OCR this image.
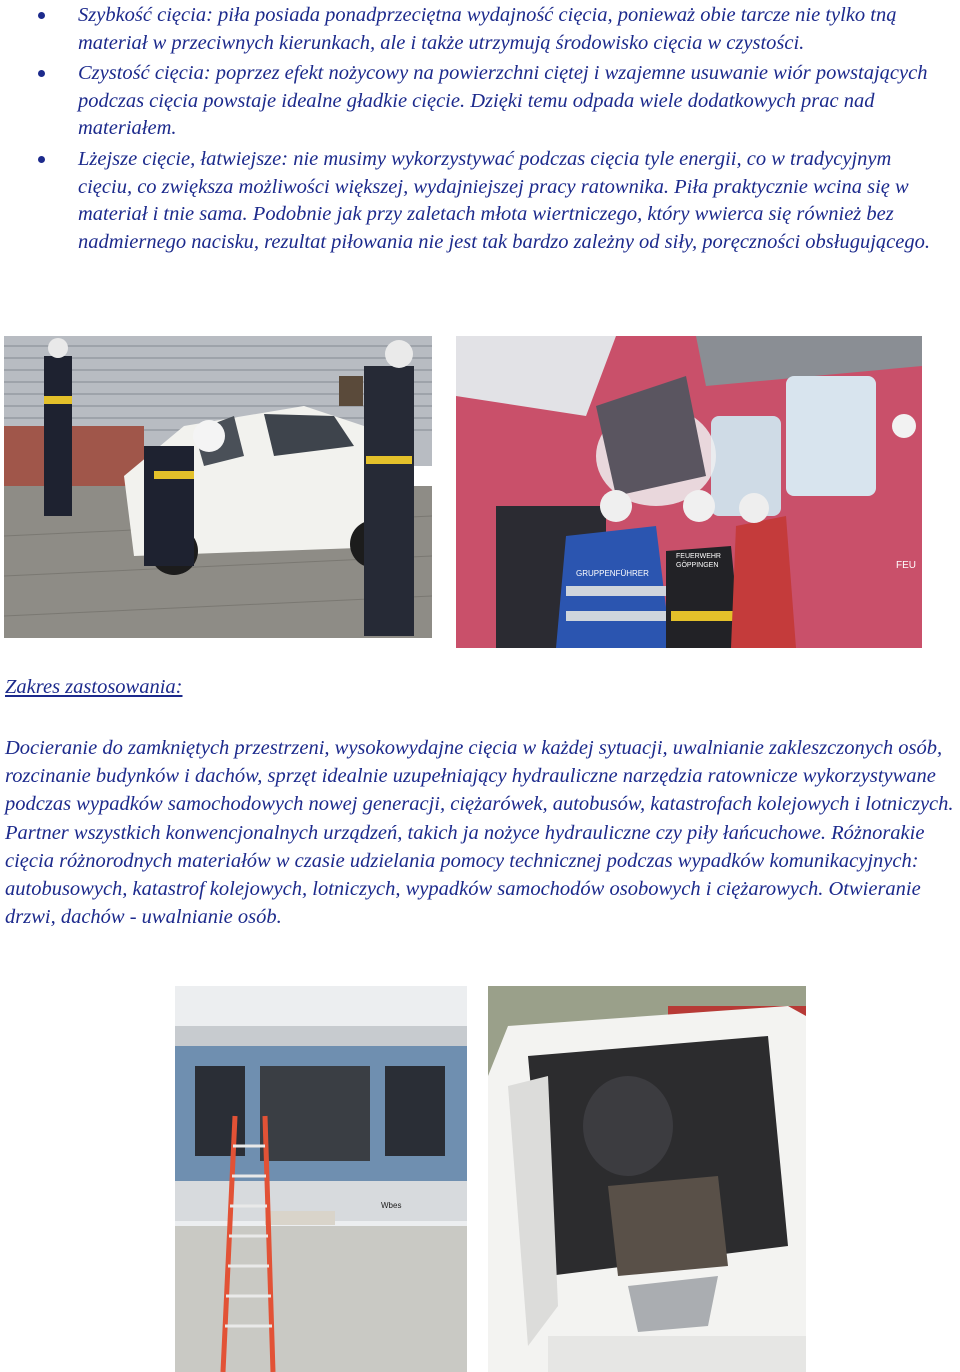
Szybkość cięcia: piła posiada ponadprzeciętna wydajność cięcia, ponieważ obie tarcze nie tylko tną materiał w przeciwnych kierunkach, ale i także utrzymują środowisko cięcia w czystości.
Czystość cięcia: poprzez efekt nożycowy na powierzchni ciętej i wzajemne usuwanie wiór powstających podczas cięcia powstaje idealne gładkie cięcie. Dzięki temu odpada wiele dodatkowych prac nad materiałem.
Lżejsze cięcie, łatwiejsze: nie musimy wykorzystywać podczas cięcia tyle energii, co w tradycyjnym cięciu, co zwiększa możliwości większej, wydajniejszej pracy ratownika. Piła praktycznie wcina się w materiał i tnie sama. Podobnie jak przy zaletach młota wiertniczego, który wwierca się również bez nadmiernego nacisku, rezultat piłowania nie jest tak bardzo zależny od siły, poręczności obsługującego.
GRUPPENFÜHRER
FEUERWEHR
GÖPPINGEN	FEU
Zakres zastosowania:

Docieranie do zamkniętych przestrzeni, wysokowydajne cięcia w każdej sytuacji, uwalnianie zakleszczonych osób, rozcinanie budynków i dachów, sprzęt idealnie uzupełniający hydrauliczne narzędzia ratownicze wykorzystywane podczas wypadków samochodowych nowej generacji, ciężarówek, autobusów, katastrofach kolejowych i lotniczych. Partner wszystkich konwencjonalnych urządzeń, takich ja nożyce hydrauliczne czy piły łańcuchowe. Różnorakie cięcia różnorodnych materiałów w czasie udzielania pomocy technicznej podczas wypadków komunikacyjnych: autobusowych, katastrof kolejowych, lotniczych, wypadków samochodów osobowych i ciężarowych. Otwieranie drzwi, dachów - uwalnianie osób.

Wbes
